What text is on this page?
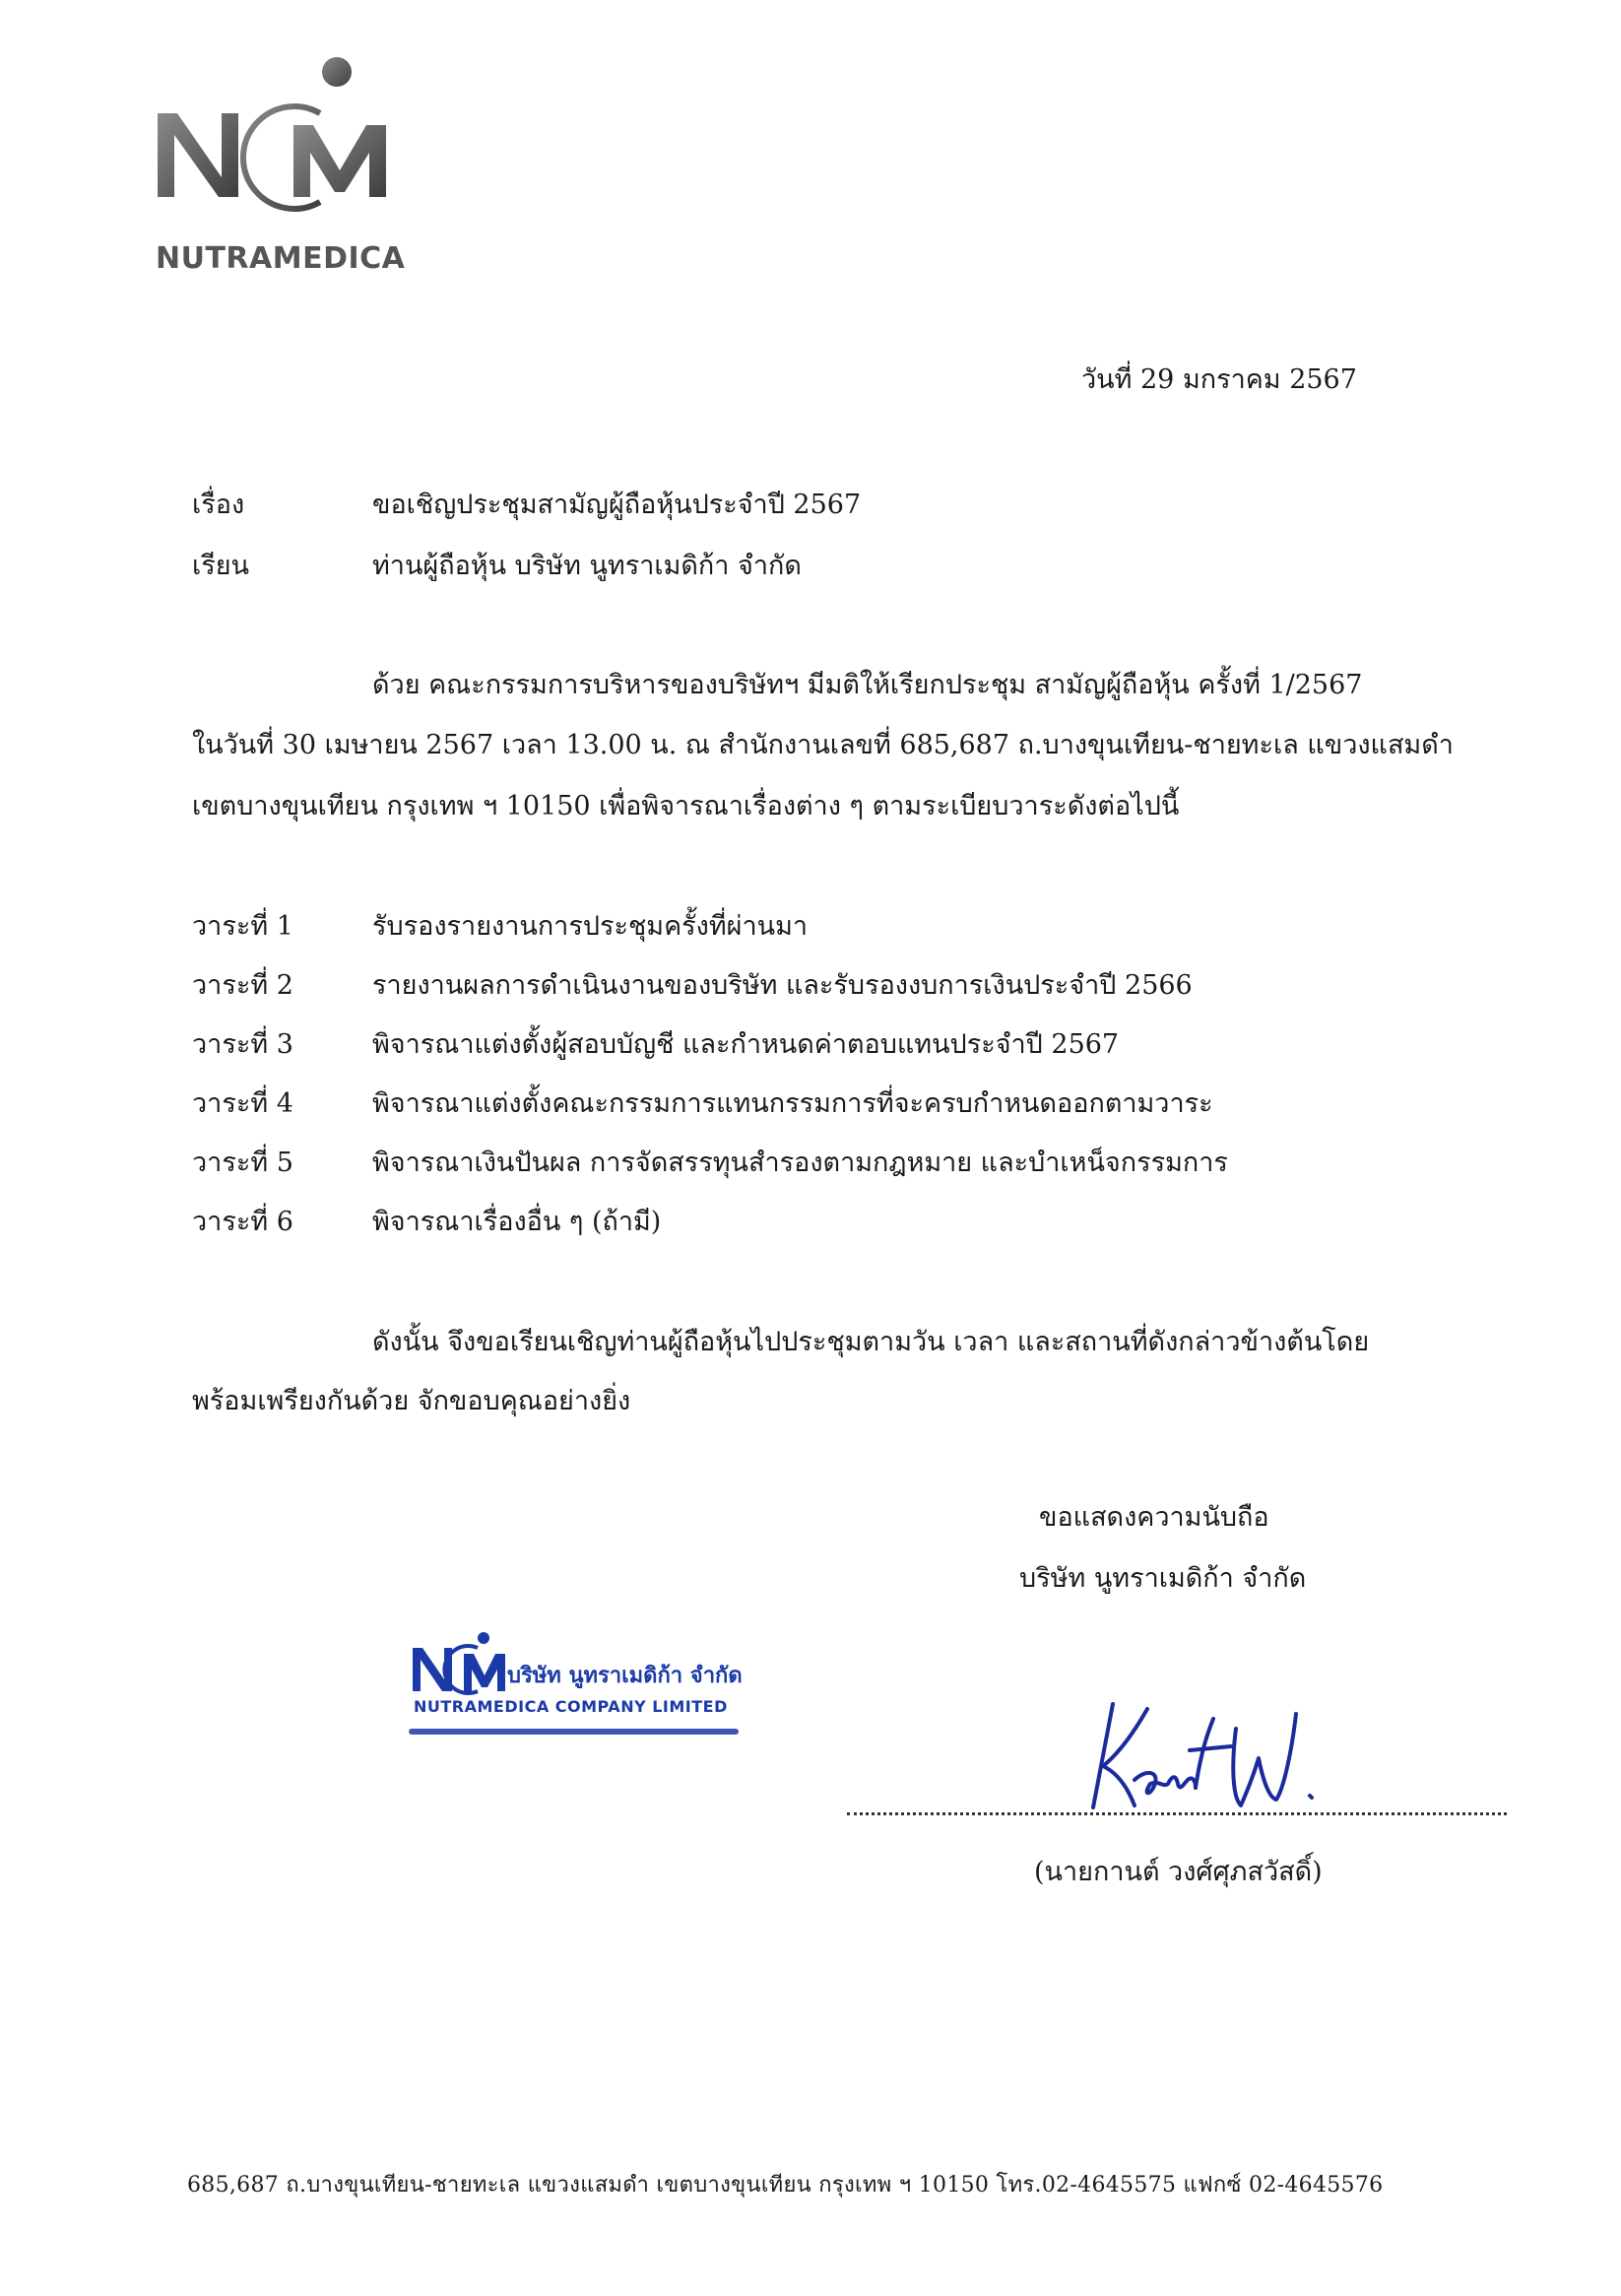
NUTRAMEDICA
วันที่ 29 มกราคม 2567
เรื่อง	ขอเชิญประชุมสามัญผู้ถือหุ้นประจำปี 2567
เรียน	ท่านผู้ถือหุ้น บริษัท นูทราเมดิก้า จำกัด
ด้วย คณะกรรมการบริหารของบริษัทฯ มีมติให้เรียกประชุม สามัญผู้ถือหุ้น ครั้งที่ 1/2567
ในวันที่ 30 เมษายน 2567 เวลา 13.00 น. ณ สำนักงานเลขที่ 685,687 ถ.บางขุนเทียน-ชายทะเล แขวงแสมดำ
เขตบางขุนเทียน กรุงเทพ ฯ 10150 เพื่อพิจารณาเรื่องต่าง ๆ ตามระเบียบวาระดังต่อไปนี้
วาระที่ 1	รับรองรายงานการประชุมครั้งที่ผ่านมา
วาระที่ 2	รายงานผลการดำเนินงานของบริษัท และรับรองงบการเงินประจำปี 2566
วาระที่ 3	พิจารณาแต่งตั้งผู้สอบบัญชี และกำหนดค่าตอบแทนประจำปี 2567
วาระที่ 4	พิจารณาแต่งตั้งคณะกรรมการแทนกรรมการที่จะครบกำหนดออกตามวาระ
วาระที่ 5	พิจารณาเงินปันผล การจัดสรรทุนสำรองตามกฎหมาย และบำเหน็จกรรมการ
วาระที่ 6	พิจารณาเรื่องอื่น ๆ (ถ้ามี)
ดังนั้น จึงขอเรียนเชิญท่านผู้ถือหุ้นไปประชุมตามวัน เวลา และสถานที่ดังกล่าวข้างต้นโดย
พร้อมเพรียงกันด้วย จักขอบคุณอย่างยิ่ง
ขอแสดงความนับถือ
บริษัท นูทราเมดิก้า จำกัด
บริษัท นูทราเมดิก้า จำกัด
NUTRAMEDICA COMPANY LIMITED
(นายกานต์ วงศ์ศุภสวัสดิ์)
685,687 ถ.บางขุนเทียน-ชายทะเล แขวงแสมดำ เขตบางขุนเทียน กรุงเทพ ฯ 10150 โทร.02-4645575 แฟกซ์ 02-4645576
